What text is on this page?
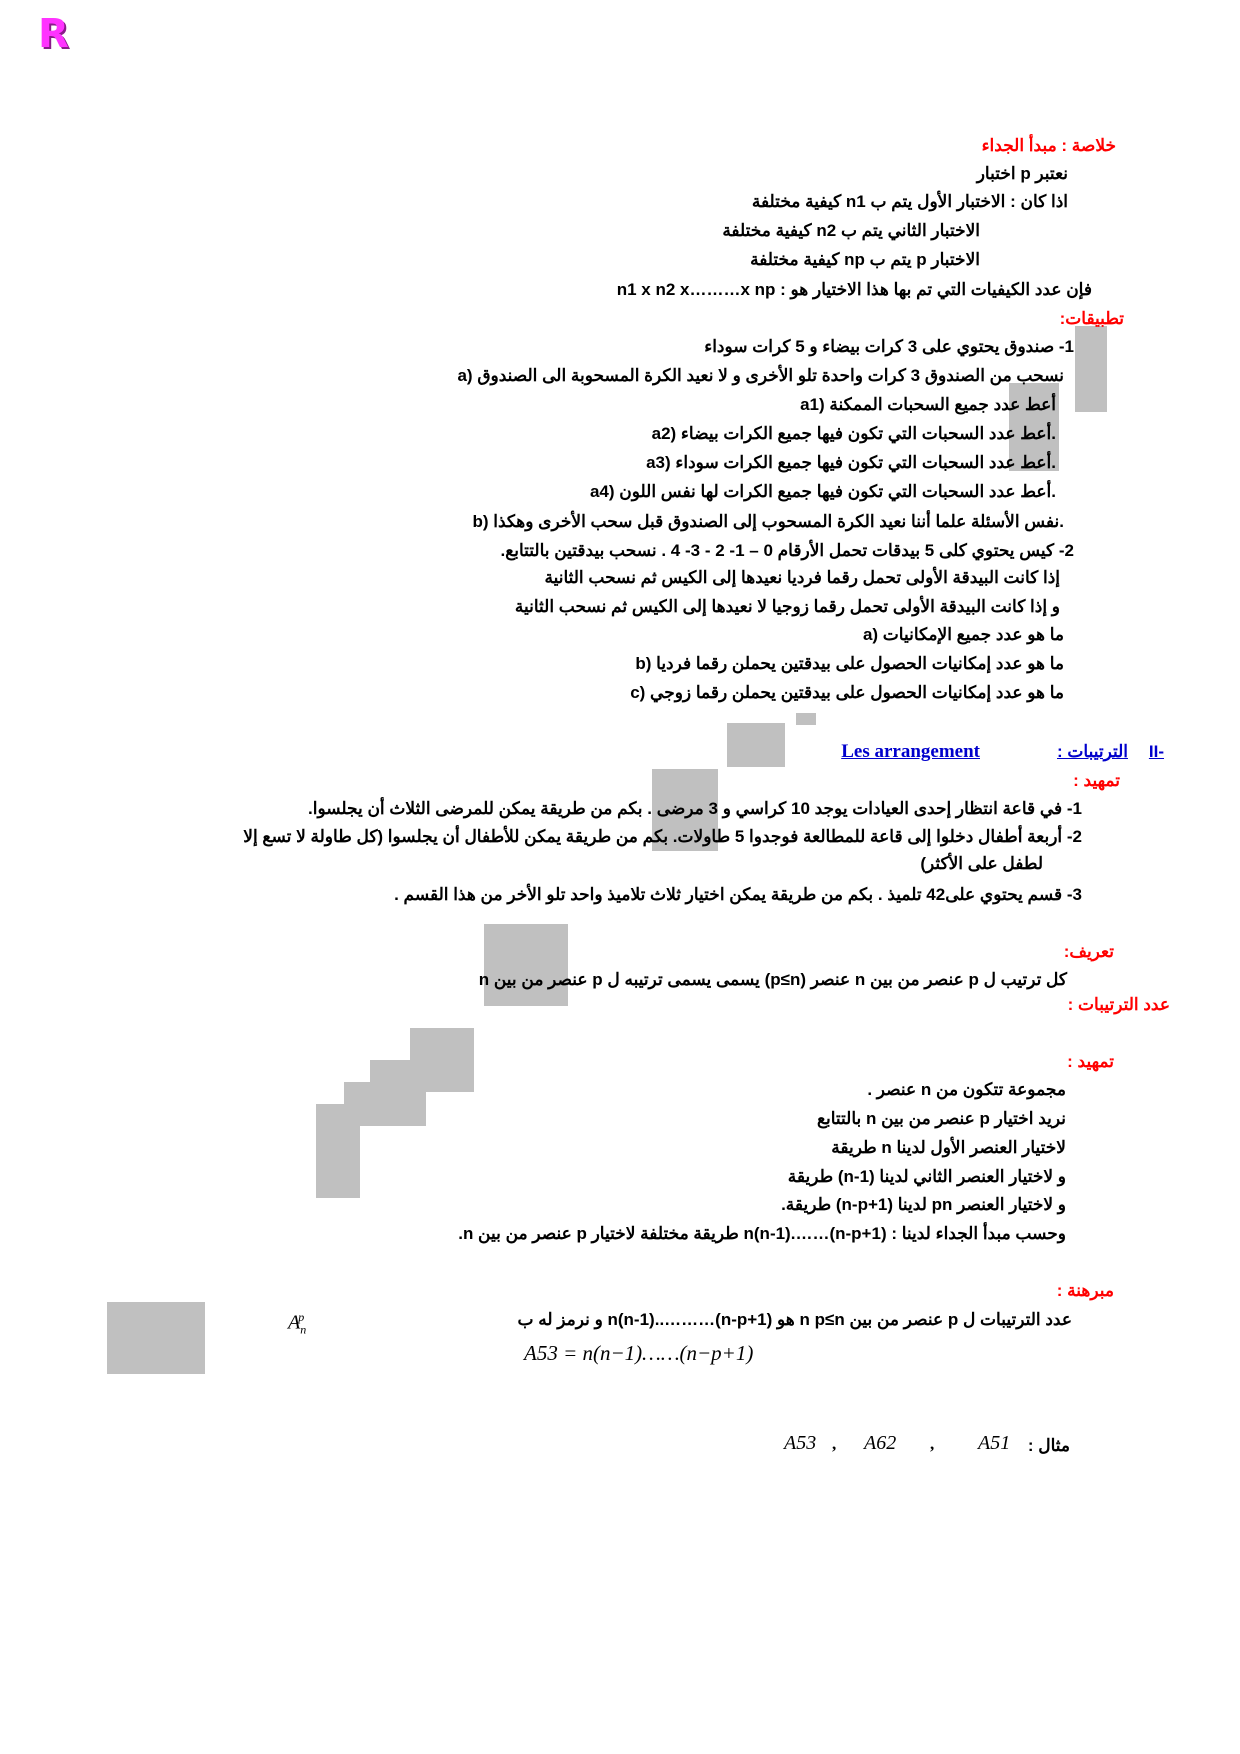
R
خلاصة : مبدأ الجداء
نعتبر p اختبار
اذا كان : الاختبار الأول يتم ب n1 كيفية مختلفة
الاختبار الثاني يتم ب n2 كيفية مختلفة
الاختبار p يتم ب np كيفية مختلفة
فإن عدد الكيفيات التي تم بها هذا الاختيار هو : n1 x n2 x………x np
تطبيقات:
1- صندوق يحتوي على 3 كرات بيضاء و 5 كرات سوداء
a) نسحب من الصندوق 3 كرات واحدة تلو الأخرى و لا نعيد الكرة المسحوبة الى الصندوق
a1) أعط عدد جميع السحبات الممكنة
a2) أعط عدد السحبات التي تكون فيها جميع الكرات بيضاء.
a3) أعط عدد السحبات التي تكون فيها جميع الكرات سوداء.
a4) أعط عدد السحبات التي تكون فيها جميع الكرات لها نفس اللون.
b) نفس الأسئلة علما أننا نعيد الكرة المسحوب إلى الصندوق قبل سحب الأخرى وهكذا.
2- كيس يحتوي كلى 5 بيدقات تحمل الأرقام 0 – 1- 2 - 3- 4 . نسحب بيدقتين بالتتابع.
إذا كانت البيدقة الأولى تحمل رقما فرديا نعيدها إلى الكيس ثم نسحب الثانية
و إذا كانت البيدقة الأولى تحمل رقما زوجيا لا نعيدها إلى الكيس ثم نسحب الثانية
a) ما هو عدد جميع الإمكانيات
b) ما هو عدد إمكانيات الحصول على بيدقتين يحملن رقما فرديا
c) ما هو عدد إمكانيات الحصول على بيدقتين يحملن رقما زوجي
II-
الترتيبات :
Les arrangement
تمهيد :
1- في قاعة انتظار إحدى العيادات يوجد 10 كراسي و 3 مرضى . بكم من طريقة يمكن للمرضى الثلاث أن يجلسوا.
2- أربعة أطفال دخلوا إلى قاعة للمطالعة فوجدوا 5 طاولات. بكم من طريقة يمكن للأطفال أن يجلسوا (كل طاولة لا تسع إلا
لطفل على الأكثر)
3- قسم يحتوي على42 تلميذ . بكم من طريقة يمكن اختيار ثلاث تلاميذ واحد تلو الأخر من هذا القسم .
تعريف:
كل ترتيب ل p عنصر من بين n عنصر (p≤n) يسمى يسمى ترتيبه ل p عنصر من بين n
عدد الترتيبات :
تمهيد :
مجموعة تتكون من n عنصر .
نريد اختيار p عنصر من بين n بالتتابع
لاختيار العنصر الأول لدينا n طريقة
و لاختيار العنصر الثاني لدينا (n-1) طريقة
و لاختيار العنصر pn لدينا (n-p+1) طريقة.
وحسب مبدأ الجداء لدينا : (n-p+1)…….n(n-1) طريقة مختلفة لاختيار p عنصر من بين n.
مبرهنة :
عدد الترتيبات ل p عنصر من بين n p≤n هو (n-p+1)………..n(n-1) و نرمز له ب
$A_n^p$
A53 = n(n−1)……(n−p+1)
مثال :
A51
,
A62
,
A53
